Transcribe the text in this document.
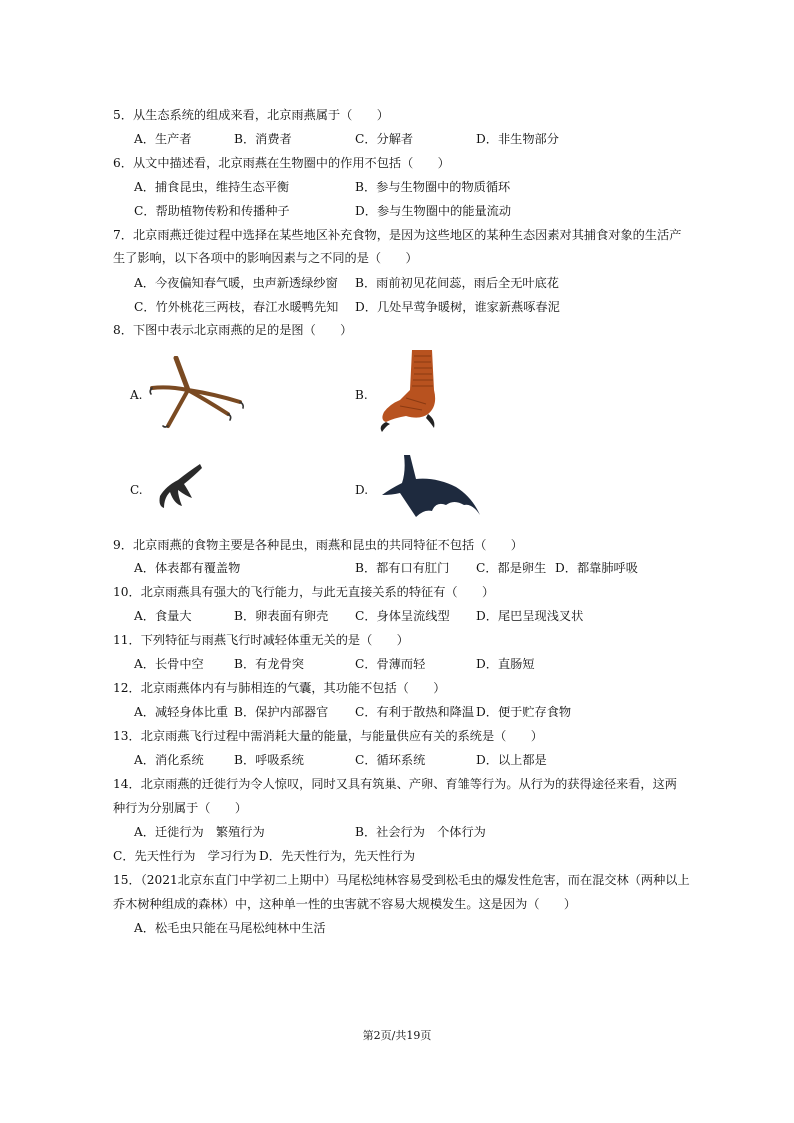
5．从生态系统的组成来看，北京雨燕属于（　　）
A．生产者	B．消费者	C．分解者	D．非生物部分
6．从文中描述看，北京雨燕在生物圈中的作用不包括（　　）
A．捕食昆虫，维持生态平衡	B．参与生物圈中的物质循环
C．帮助植物传粉和传播种子	D．参与生物圈中的能量流动
7．北京雨燕迁徙过程中选择在某些地区补充食物，是因为这些地区的某种生态因素对其捕食对象的生活产
生了影响，以下各项中的影响因素与之不同的是（　　）
A．今夜偏知春气暖，虫声新透绿纱窗 B．雨前初见花间蕊，雨后全无叶底花
C．竹外桃花三两枝，春江水暖鸭先知 D．几处早莺争暖树，谁家新燕啄春泥
8．下图中表示北京雨燕的足的是图（　　）
A.	B.
C.	D.
9．北京雨燕的食物主要是各种昆虫，雨燕和昆虫的共同特征不包括（　　）
A．体表都有覆盖物	B．都有口有肛门 C．都是卵生 D．都靠肺呼吸
10．北京雨燕具有强大的飞行能力，与此无直接关系的特征有（　　）
A．食量大	B．卵表面有卵壳 C．身体呈流线型 D．尾巴呈现浅叉状
11．下列特征与雨燕飞行时减轻体重无关的是（　　）
A．长骨中空 B．有龙骨突	C．骨薄而轻	D．直肠短
12．北京雨燕体内有与肺相连的气囊，其功能不包括（　　）
A．减轻身体比重 B．保护内部器官 C．有利于散热和降温 D．便于贮存食物
13．北京雨燕飞行过程中需消耗大量的能量，与能量供应有关的系统是（　　）
A．消化系统 B．呼吸系统	C．循环系统	D．以上都是
14．北京雨燕的迁徙行为令人惊叹，同时又具有筑巢、产卵、育雏等行为。从行为的获得途径来看，这两
种行为分别属于（　　）
A．迁徙行为　繁殖行为	B．社会行为　个体行为
C．先天性行为　学习行为 D．先天性行为，先天性行为
15．（2021北京东直门中学初二上期中）马尾松纯林容易受到松毛虫的爆发性危害，而在混交林（两种以上
乔木树种组成的森林）中，这种单一性的虫害就不容易大规模发生。这是因为（　　）
A．松毛虫只能在马尾松纯林中生活
第2页/共19页
